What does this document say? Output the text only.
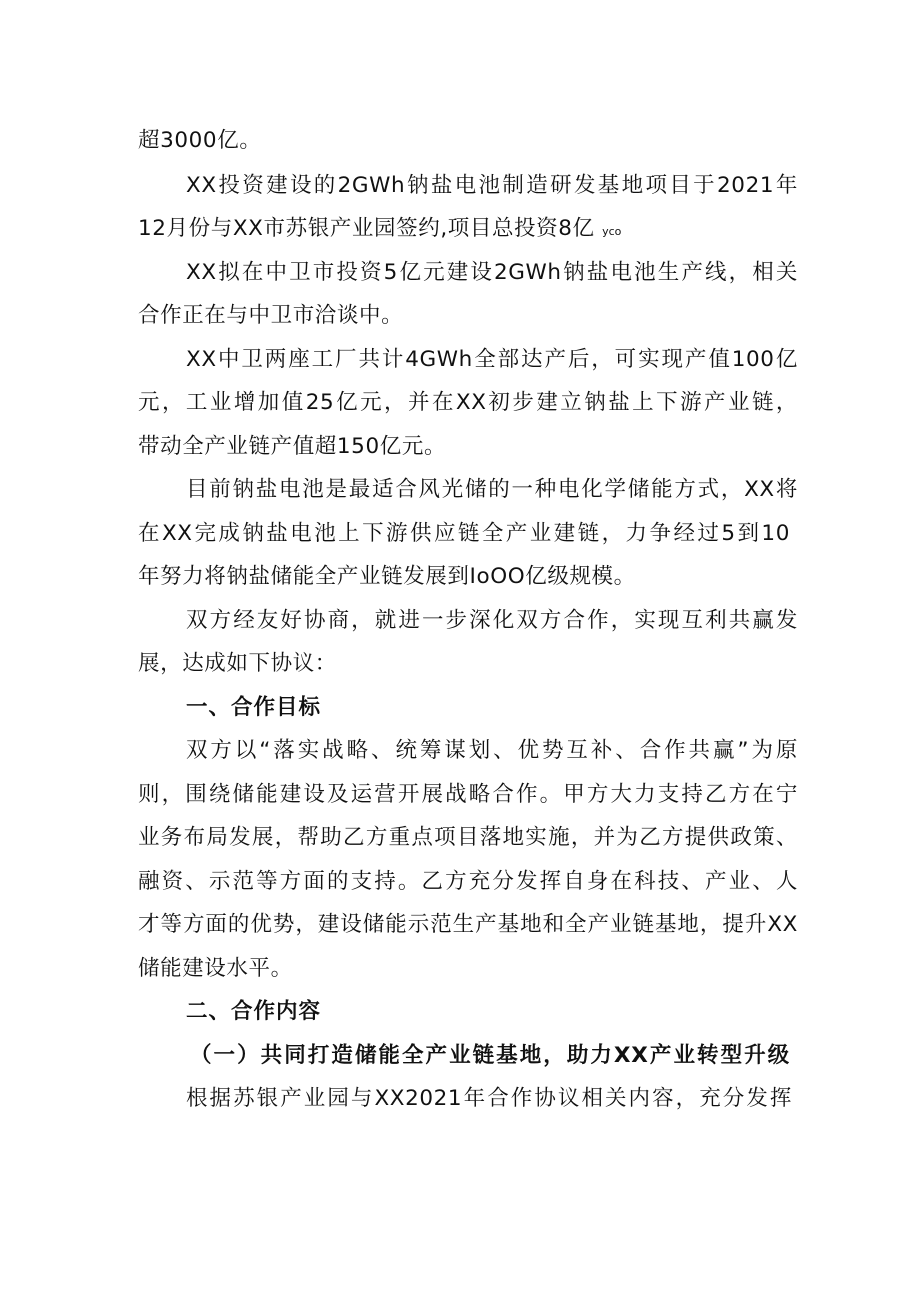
超3000亿。
XX投资建设的2GWh钠盐电池制造研发基地项目于2021年
12月份与XX市苏银产业园签约,项目总投资8亿 yco
XX拟在中卫市投资5亿元建设2GWh钠盐电池生产线，相关
合作正在与中卫市洽谈中。
XX中卫两座工厂共计4GWh全部达产后，可实现产值100亿
元，工业增加值25亿元，并在XX初步建立钠盐上下游产业链，
带动全产业链产值超150亿元。
目前钠盐电池是最适合风光储的一种电化学储能方式，XX将
在XX完成钠盐电池上下游供应链全产业建链，力争经过5到10
年努力将钠盐储能全产业链发展到IoOO亿级规模。
双方经友好协商，就进一步深化双方合作，实现互利共赢发
展，达成如下协议：
一、合作目标
双方以“落实战略、统筹谋划、优势互补、合作共赢”为原
则，围绕储能建设及运营开展战略合作。甲方大力支持乙方在宁
业务布局发展，帮助乙方重点项目落地实施，并为乙方提供政策、
融资、示范等方面的支持。乙方充分发挥自身在科技、产业、人
才等方面的优势，建设储能示范生产基地和全产业链基地，提升XX
储能建设水平。
二、合作内容
（一）共同打造储能全产业链基地，助力XX产业转型升级
根据苏银产业园与XX2021年合作协议相关内容，充分发挥
